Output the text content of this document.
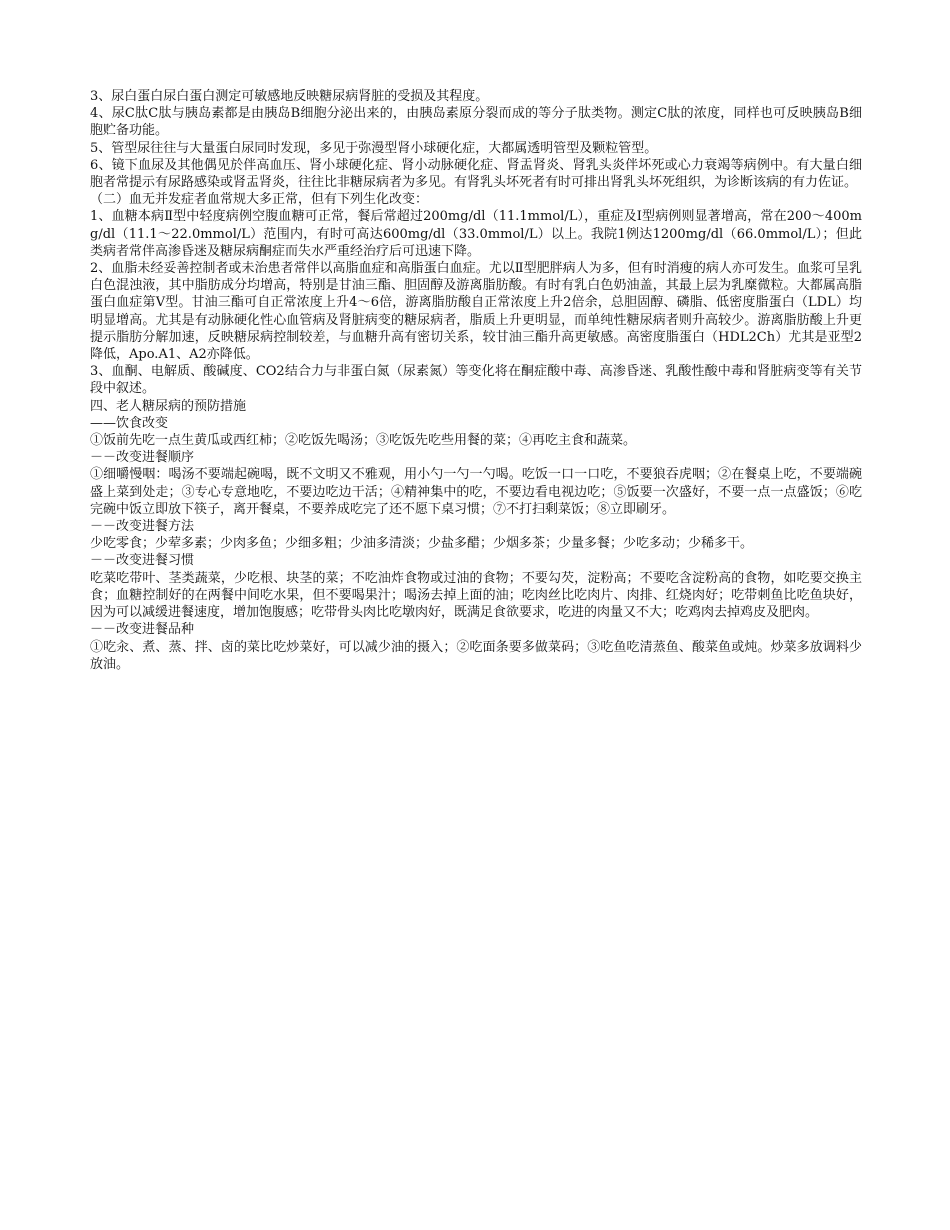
3、尿白蛋白尿白蛋白测定可敏感地反映糖尿病肾脏的受损及其程度。

4、尿C肽C肽与胰岛素都是由胰岛B细胞分泌出来的，由胰岛素原分裂而成的等分子肽类物。测定C肽的浓度，同样也可反映胰岛B细胞贮备功能。

5、管型尿往往与大量蛋白尿同时发现，多见于弥漫型肾小球硬化症，大都属透明管型及颗粒管型。

6、镜下血尿及其他偶见於伴高血压、肾小球硬化症、肾小动脉硬化症、肾盂肾炎、肾乳头炎伴坏死或心力衰竭等病例中。有大量白细胞者常提示有尿路感染或肾盂肾炎，往往比非糖尿病者为多见。有肾乳头坏死者有时可排出肾乳头坏死组织，为诊断该病的有力佐证。

（二）血无并发症者血常规大多正常，但有下列生化改变：

1、血糖本病Ⅱ型中轻度病例空腹血糖可正常，餐后常超过200mg/dl（11.1mmol/L），重症及Ⅰ型病例则显著增高，常在200～400mg/dl（11.1～22.0mmol/L）范围内，有时可高达600mg/dl（33.0mmol/L）以上。我院1例达1200mg/dl（66.0mmol/L）；但此类病者常伴高渗昏迷及糖尿病酮症而失水严重经治疗后可迅速下降。

2、血脂未经妥善控制者或未治患者常伴以高脂血症和高脂蛋白血症。尤以Ⅱ型肥胖病人为多，但有时消瘦的病人亦可发生。血浆可呈乳白色混浊液，其中脂肪成分均增高，特别是甘油三酯、胆固醇及游离脂肪酸。有时有乳白色奶油盖，其最上层为乳糜微粒。大都属高脂蛋白血症第Ⅴ型。甘油三酯可自正常浓度上升4～6倍，游离脂肪酸自正常浓度上升2倍余，总胆固醇、磷脂、低密度脂蛋白（LDL）均明显增高。尤其是有动脉硬化性心血管病及肾脏病变的糖尿病者，脂质上升更明显，而单纯性糖尿病者则升高较少。游离脂肪酸上升更提示脂肪分解加速，反映糖尿病控制较差，与血糖升高有密切关系，较甘油三酯升高更敏感。高密度脂蛋白（HDL2Ch）尤其是亚型2降低，Apo.A1、A2亦降低。

3、血酮、电解质、酸碱度、CO2结合力与非蛋白氮（尿素氮）等变化将在酮症酸中毒、高渗昏迷、乳酸性酸中毒和肾脏病变等有关节段中叙述。

四、老人糖尿病的预防措施

——饮食改变

①饭前先吃一点生黄瓜或西红柿；②吃饭先喝汤；③吃饭先吃些用餐的菜；④再吃主食和蔬菜。

－－改变进餐顺序

①细嚼慢咽：喝汤不要端起碗喝，既不文明又不雅观，用小勺一勺一勺喝。吃饭一口一口吃，不要狼吞虎咽；②在餐桌上吃，不要端碗盛上菜到处走；③专心专意地吃，不要边吃边干活；④精神集中的吃，不要边看电视边吃；⑤饭要一次盛好，不要一点一点盛饭；⑥吃完碗中饭立即放下筷子，离开餐桌，不要养成吃完了还不愿下桌习惯；⑦不打扫剩菜饭；⑧立即刷牙。

－－改变进餐方法

少吃零食；少荤多素；少肉多鱼；少细多粗；少油多清淡；少盐多醋；少烟多茶；少量多餐；少吃多动；少稀多干。

－－改变进餐习惯

吃菜吃带叶、茎类蔬菜，少吃根、块茎的菜；不吃油炸食物或过油的食物；不要勾芡，淀粉高；不要吃含淀粉高的食物，如吃要交换主食；血糖控制好的在两餐中间吃水果，但不要喝果汁；喝汤去掉上面的油；吃肉丝比吃肉片、肉排、红烧肉好；吃带刺鱼比吃鱼块好，因为可以减缓进餐速度，增加饱腹感；吃带骨头肉比吃墩肉好，既满足食欲要求，吃进的肉量又不大；吃鸡肉去掉鸡皮及肥肉。

－－改变进餐品种

①吃汆、煮、蒸、拌、卤的菜比吃炒菜好，可以减少油的摄入；②吃面条要多做菜码；③吃鱼吃清蒸鱼、酸菜鱼或炖。炒菜多放调料少放油。
